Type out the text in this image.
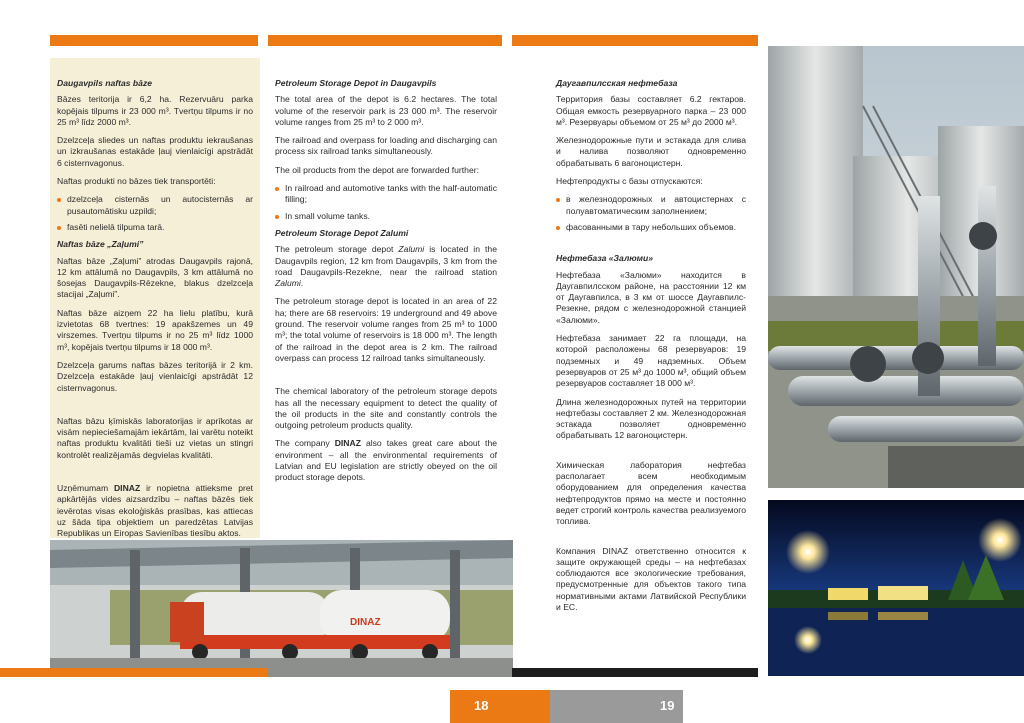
Daugavpils naftas bāze

Bāzes teritorija ir 6,2 ha. Rezervuāru parka kopējais tilpums ir 23 000 m³. Tvertņu tilpums ir no 25 m³ līdz 2000 m³.

Dzelzceļa sliedes un naftas produktu iekraušanas un izkraušanas estakāde ļauj vienlaicīgi apstrādāt 6 cisternvagonus.

Naftas produkti no bāzes tiek transportēti:

dzelzceļa cisternās un autocisternās ar pusautomātisku uzpildi;
fasēti nelielā tilpuma tarā.

Naftas bāze „Zaļumi”

Naftas bāze „Zaļumi” atrodas Daugavpils rajonā, 12 km attālumā no Daugavpils, 3 km attālumā no šosejas Daugavpils-Rēzekne, blakus dzelzceļa stacijai „Zaļumi”.

Naftas bāze aizņem 22 ha lielu platību, kurā izvietotas 68 tvertnes: 19 apakšzemes un 49 virszemes. Tvertņu tilpums ir no 25 m³ līdz 1000 m³, kopējais tvertņu tilpums ir 18 000 m³.

Dzelzceļa garums naftas bāzes teritorijā ir 2 km. Dzelzceļa estakāde ļauj vienlaicīgi apstrādāt 12 cisternvagonus.

Naftas bāzu ķīmiskās laboratorijas ir aprīkotas ar visām nepieciešamajām iekārtām, lai varētu noteikt naftas produktu kvalitāti tieši uz vietas un stingri kontrolēt realizējamās degvielas kvalitāti.

Uzņēmumam DINAZ ir nopietna attieksme pret apkārtējās vides aizsardzību – naftas bāzēs tiek ievērotas visas ekoloģiskās prasības, kas attiecas uz šāda tipa objektiem un paredzētas Latvijas Republikas un Eiropas Savienības tiesību aktos.

Petroleum Storage Depot in Daugavpils

The total area of the depot is 6.2 hectares. The total volume of the reservoir park is 23 000 m³. The reservoir volume ranges from 25 m³ to 2 000 m³.

The railroad and overpass for loading and discharging can process six railroad tanks simultaneously.

The oil products from the depot are forwarded further:

In railroad and automotive tanks with the half-automatic filling;
In small volume tanks.

Petroleum Storage Depot Zalumi

The petroleum storage depot Zalumi is located in the Daugavpils region, 12 km from Daugavpils, 3 km from the road Daugavpils-Rezekne, near the railroad station Zalumi.

The petroleum storage depot is located in an area of 22 ha; there are 68 reservoirs: 19 underground and 49 above ground. The reservoir volume ranges from 25 m³ to 1000 m³; the total volume of reservoirs is 18 000 m³. The length of the railroad in the depot area is 2 km. The railroad overpass can process 12 railroad tanks simultaneously.

The chemical laboratory of the petroleum storage depots has all the necessary equipment to detect the quality of the oil products in the site and constantly controls the outgoing petroleum products quality.

The company DINAZ also takes great care about the environment – all the environmental requirements of Latvian and EU legislation are strictly obeyed on the oil product storage depots.

Даугавпилсская нефтебаза

Территория базы составляет 6.2 гектаров. Общая емкость резервуарного парка – 23 000 м³. Резервуары объемом от 25 м³ до 2000 м³.

Железнодорожные пути и эстакада для слива и налива позволяют одновременно обрабатывать 6 вагоноцистерн.

Нефтепродукты с базы отпускаются:

в железнодорожных и автоцистернах с полуавтоматическим заполнением;
фасованными в тару небольших объемов.

Нефтебаза «Залюми»

Нефтебаза «Залюми» находится в Даугавпилсском районе, на расстоянии 12 км от Даугавпилса, в 3 км от шоссе Даугавпилс-Резекне, рядом с железнодорожной станцией «Залюми».

Нефтебаза занимает 22 га площади, на которой расположены 68 резервуаров: 19 подземных и 49 надземных. Объем резервуаров от 25 м³ до 1000 м³, общий объем резервуаров составляет 18 000 м³.

Длина железнодорожных путей на территории нефтебазы составляет 2 км. Железнодорожная эстакада позволяет одновременно обрабатывать 12 вагоноцистерн.

Химическая лаборатория нефтебаз располагает всем необходимым оборудованием для определения качества нефтепродуктов прямо на месте и постоянно ведет строгий контроль качества реализуемого топлива.

Компания DINAZ ответственно относится к защите окружающей среды – на нефтебазах соблюдаются все экологические требования, предусмотренные для объектов такого типа нормативными актами Латвийской Республики и ЕС.

DINAZ
18	19
